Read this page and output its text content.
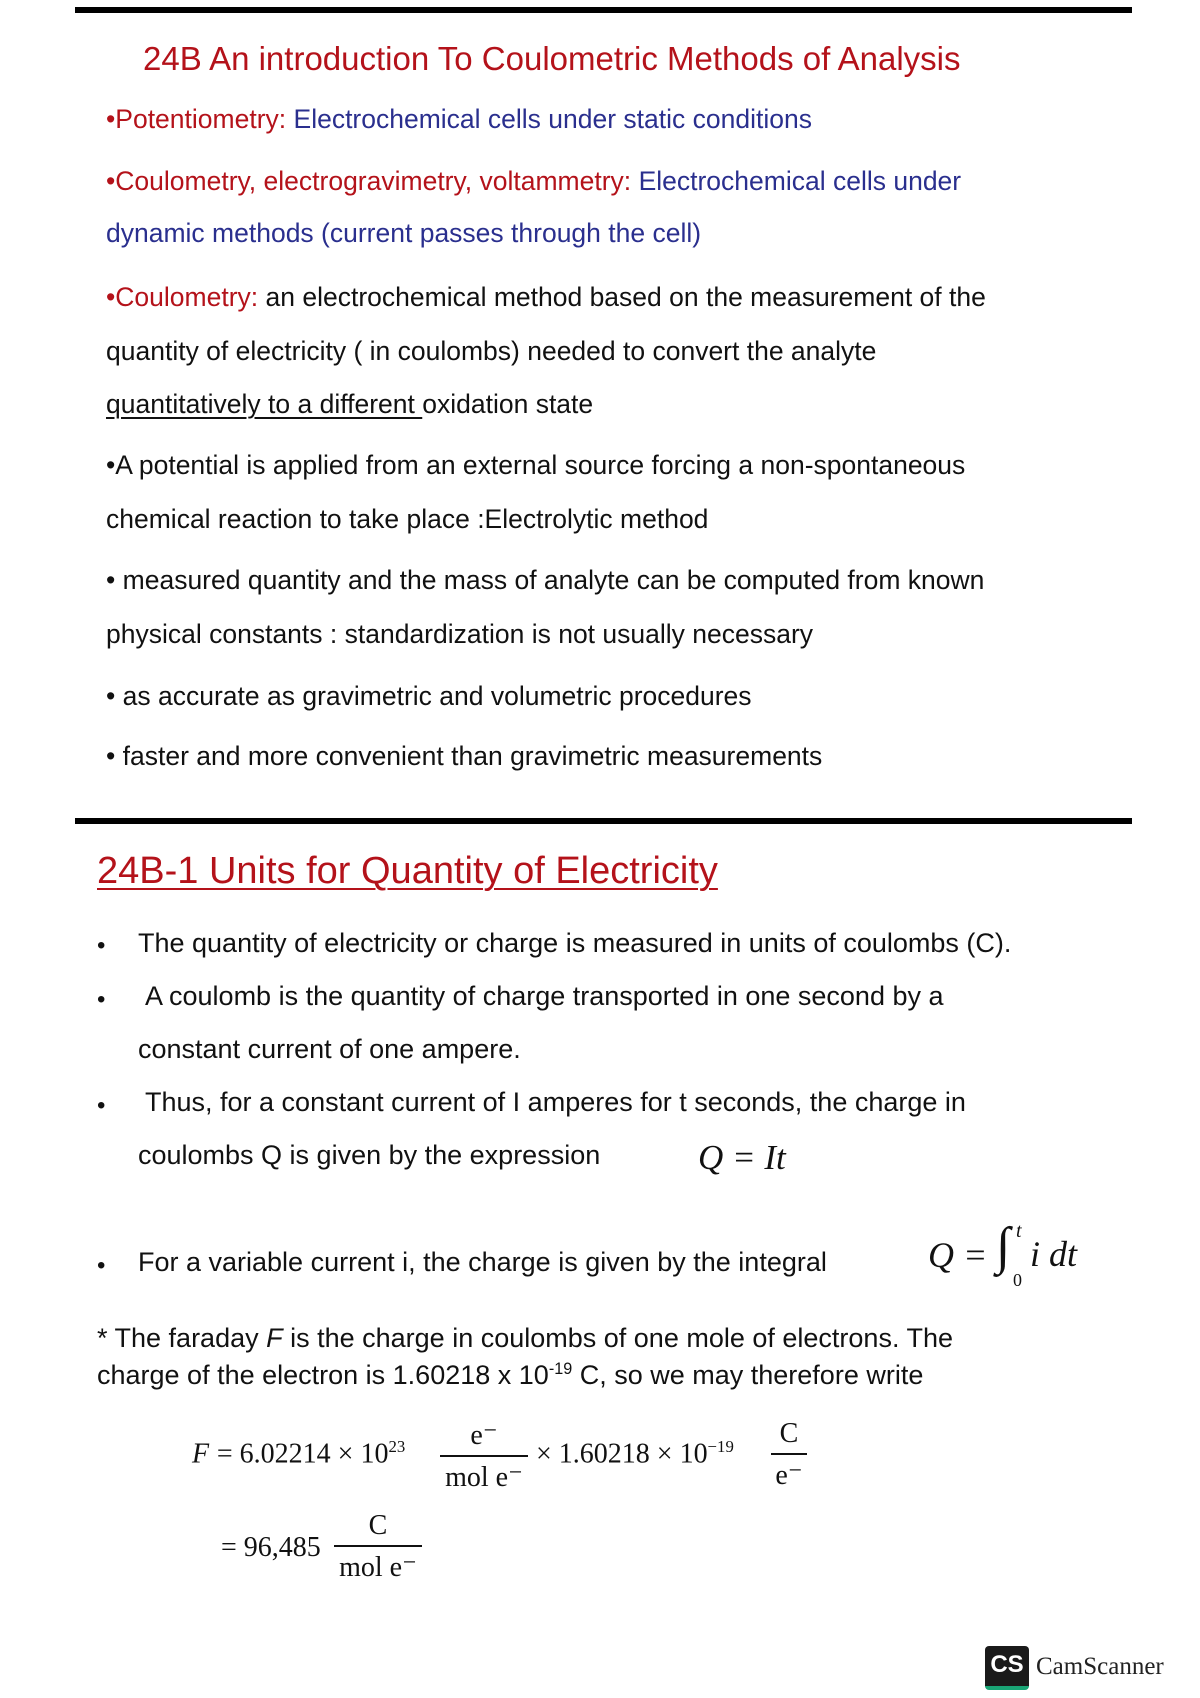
24B An introduction To Coulometric Methods of Analysis
•Potentiometry: Electrochemical cells under static conditions
•Coulometry, electrogravimetry, voltammetry: Electrochemical cells under
dynamic methods (current passes through the cell)
•Coulometry: an electrochemical method based on the measurement of the
quantity of electricity ( in coulombs) needed to convert the analyte
quantitatively to a different oxidation state
•A potential is applied from an external source forcing a non-spontaneous
chemical reaction to take place :Electrolytic method
• measured quantity and the mass of analyte can be computed from known
physical constants : standardization is not usually necessary
• as accurate as gravimetric and volumetric procedures
• faster and more convenient than gravimetric measurements
24B-1 Units for Quantity of Electricity
• The quantity of electricity or charge is measured in units of coulombs (C).
• A coulomb is the quantity of charge transported in one second by a
constant current of one ampere.
• Thus, for a constant current of I amperes for t seconds, the charge in
coulombs Q is given by the expression	Q = It
• For a variable current i, the charge is given by the integral	Q = ∫ t
0
i dt
* The faraday F is the charge in coulombs of one mole of electrons. The
charge of the electron is 1.60218 x $10^{-19}$ C, so we may therefore write
$F = 6.02214 \times 10^{23}$	e⁻
mol e⁻
× $1.60218 \times 10^{-19}$	C
e⁻
= 96,485
C
mol e⁻
CS CamScanner
